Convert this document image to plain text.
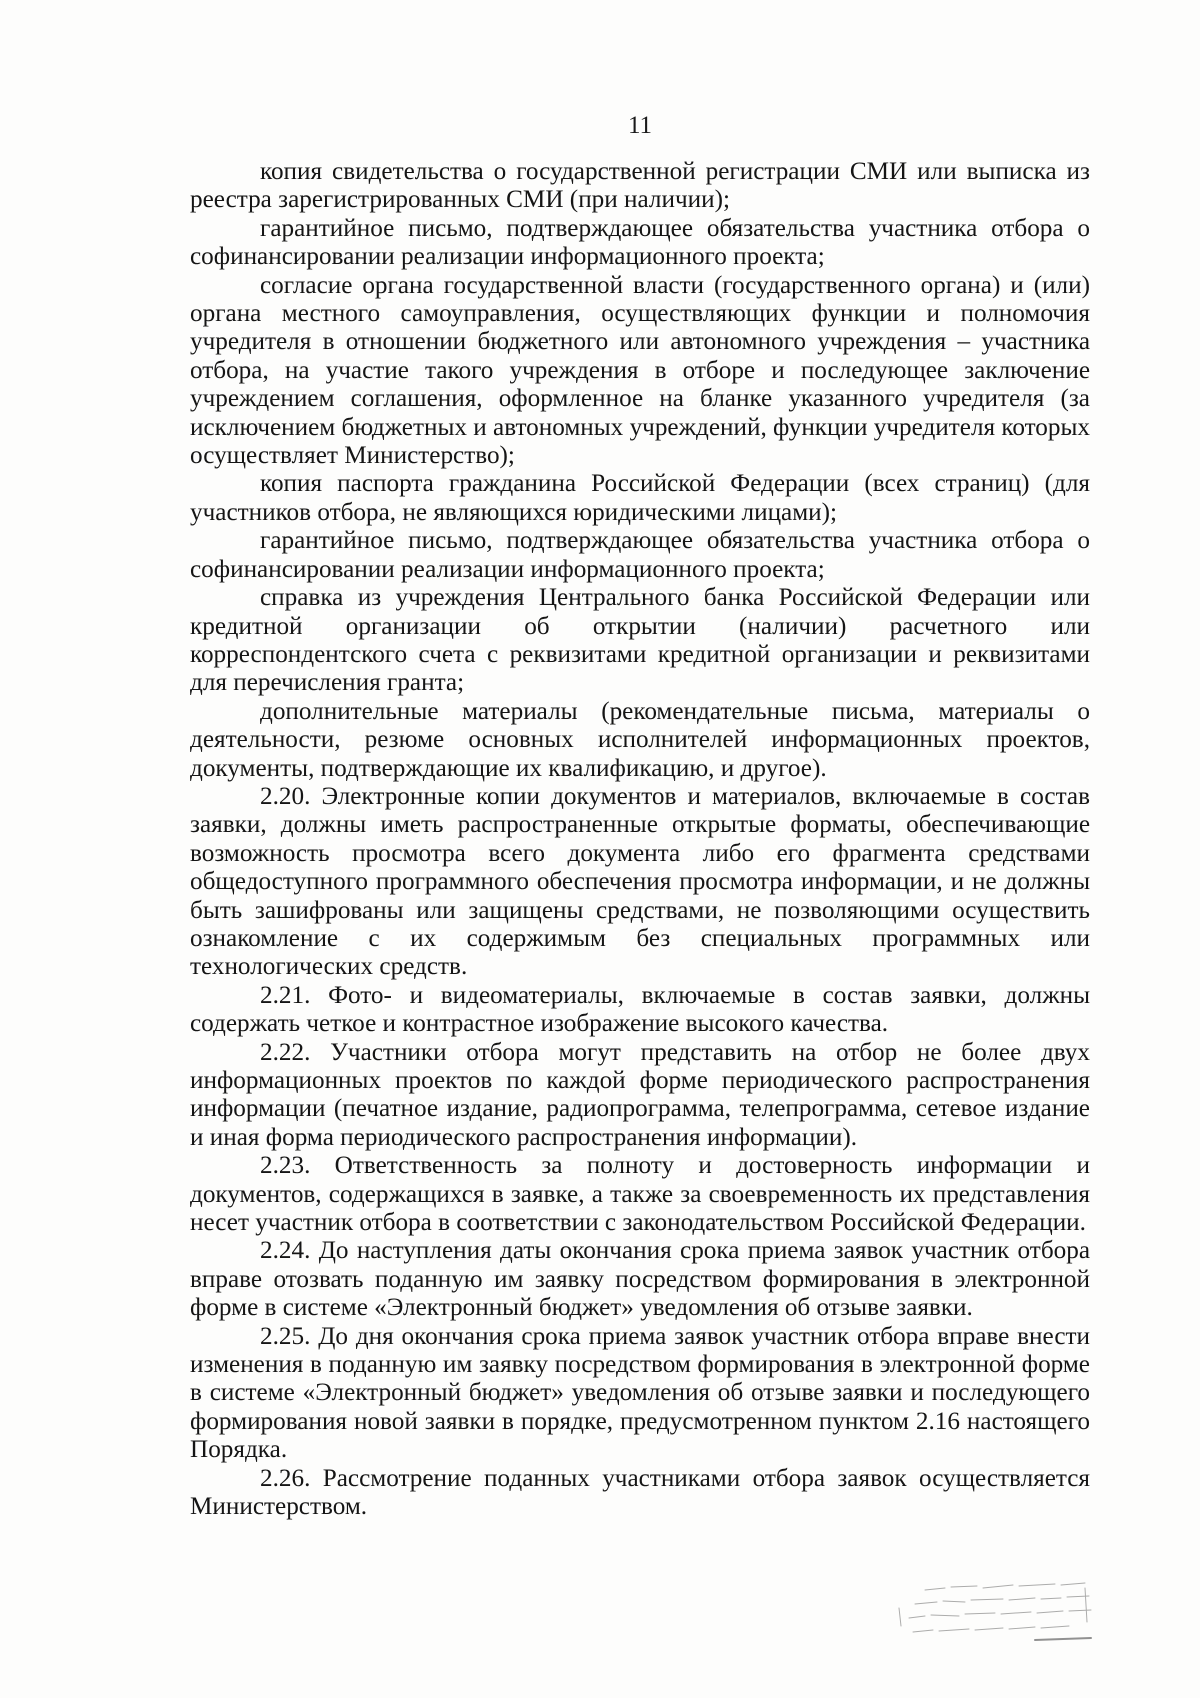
11

копия свидетельства о государственной регистрации СМИ или выписка из реестра зарегистрированных СМИ (при наличии);

гарантийное письмо, подтверждающее обязательства участника отбора о софинансировании реализации информационного проекта;

согласие органа государственной власти (государственного органа) и (или) органа местного самоуправления, осуществляющих функции и полномочия учредителя в отношении бюджетного или автономного учреждения – участника отбора, на участие такого учреждения в отборе и последующее заключение учреждением соглашения, оформленное на бланке указанного учредителя (за исключением бюджетных и автономных учреждений, функции учредителя которых осуществляет Министерство);

копия паспорта гражданина Российской Федерации (всех страниц) (для участников отбора, не являющихся юридическими лицами);

гарантийное письмо, подтверждающее обязательства участника отбора о софинансировании реализации информационного проекта;

справка из учреждения Центрального банка Российской Федерации или кредитной организации об открытии (наличии) расчетного или корреспондентского счета с реквизитами кредитной организации и реквизитами для перечисления гранта;

дополнительные материалы (рекомендательные письма, материалы о деятельности, резюме основных исполнителей информационных проектов, документы, подтверждающие их квалификацию, и другое).

2.20. Электронные копии документов и материалов, включаемые в состав заявки, должны иметь распространенные открытые форматы, обеспечивающие возможность просмотра всего документа либо его фрагмента средствами общедоступного программного обеспечения просмотра информации, и не должны быть зашифрованы или защищены средствами, не позволяющими осуществить ознакомление с их содержимым без специальных программных или технологических средств.

2.21. Фото- и видеоматериалы, включаемые в состав заявки, должны содержать четкое и контрастное изображение высокого качества.

2.22. Участники отбора могут представить на отбор не более двух информационных проектов по каждой форме периодического распространения информации (печатное издание, радиопрограмма, телепрограмма, сетевое издание и иная форма периодического распространения информации).

2.23. Ответственность за полноту и достоверность информации и документов, содержащихся в заявке, а также за своевременность их представления несет участник отбора в соответствии с законодательством Российской Федерации.

2.24. До наступления даты окончания срока приема заявок участник отбора вправе отозвать поданную им заявку посредством формирования в электронной форме в системе «Электронный бюджет» уведомления об отзыве заявки.

2.25. До дня окончания срока приема заявок участник отбора вправе внести изменения в поданную им заявку посредством формирования в электронной форме в системе «Электронный бюджет» уведомления об отзыве заявки и последующего формирования новой заявки в порядке, предусмотренном пунктом 2.16 настоящего Порядка.

2.26. Рассмотрение поданных участниками отбора заявок осуществляется Министерством.
